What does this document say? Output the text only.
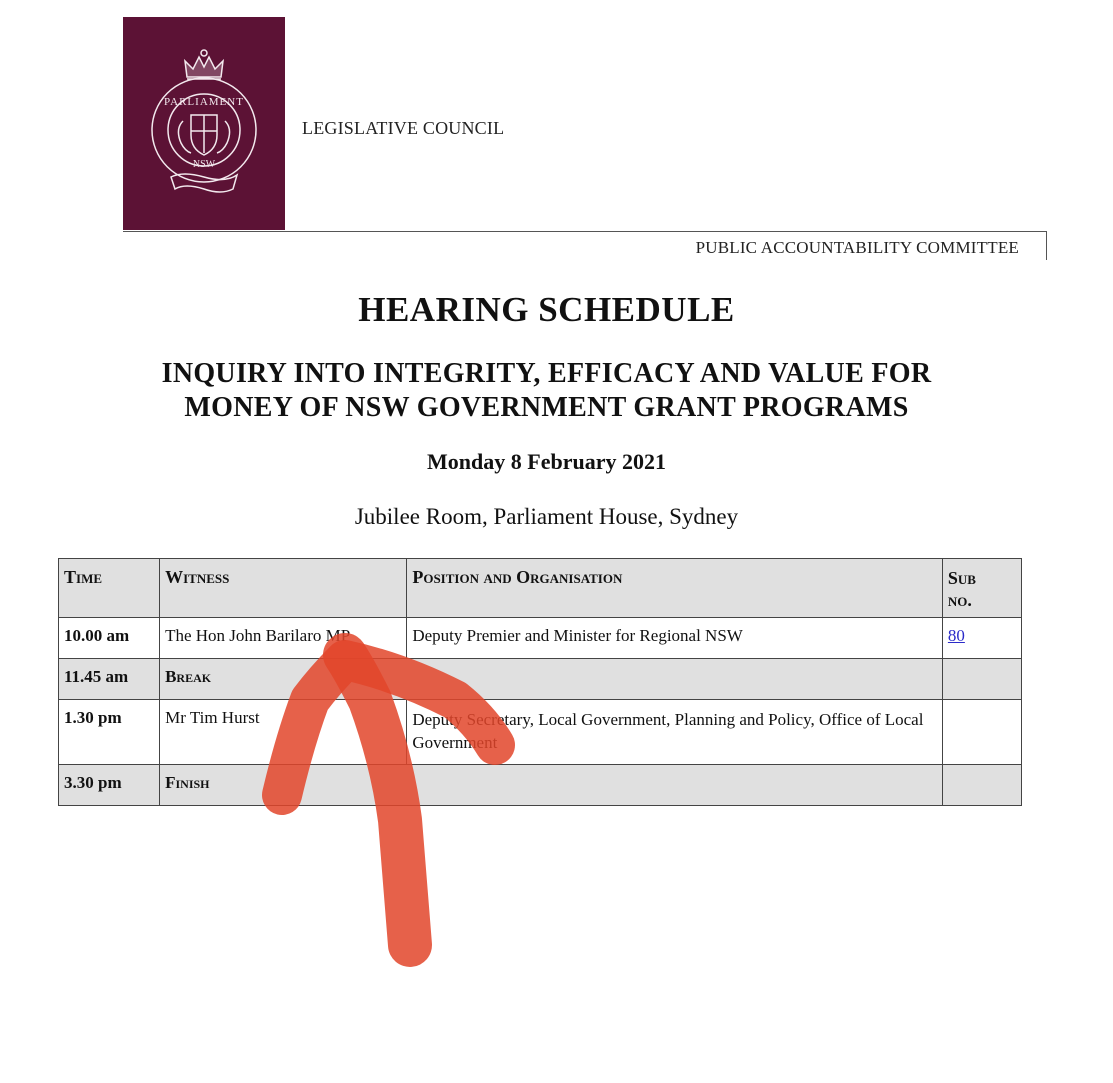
PARLIAMENT
NSW
LEGISLATIVE COUNCIL
PUBLIC ACCOUNTABILITY COMMITTEE
HEARING SCHEDULE
INQUIRY INTO INTEGRITY, EFFICACY AND VALUE FOR
MONEY OF NSW GOVERNMENT GRANT PROGRAMS
Monday 8 February 2021
Jubilee Room, Parliament House, Sydney
Time	Witness	Position and Organisation	Sub
no.
10.00 am	The Hon John Barilaro MP	Deputy Premier and Minister for Regional NSW	80
11.45 am	Break		
1.30 pm	Mr Tim Hurst	Deputy Secretary, Local Government, Planning and Policy, Office of Local Government	
3.30 pm	Finish		
